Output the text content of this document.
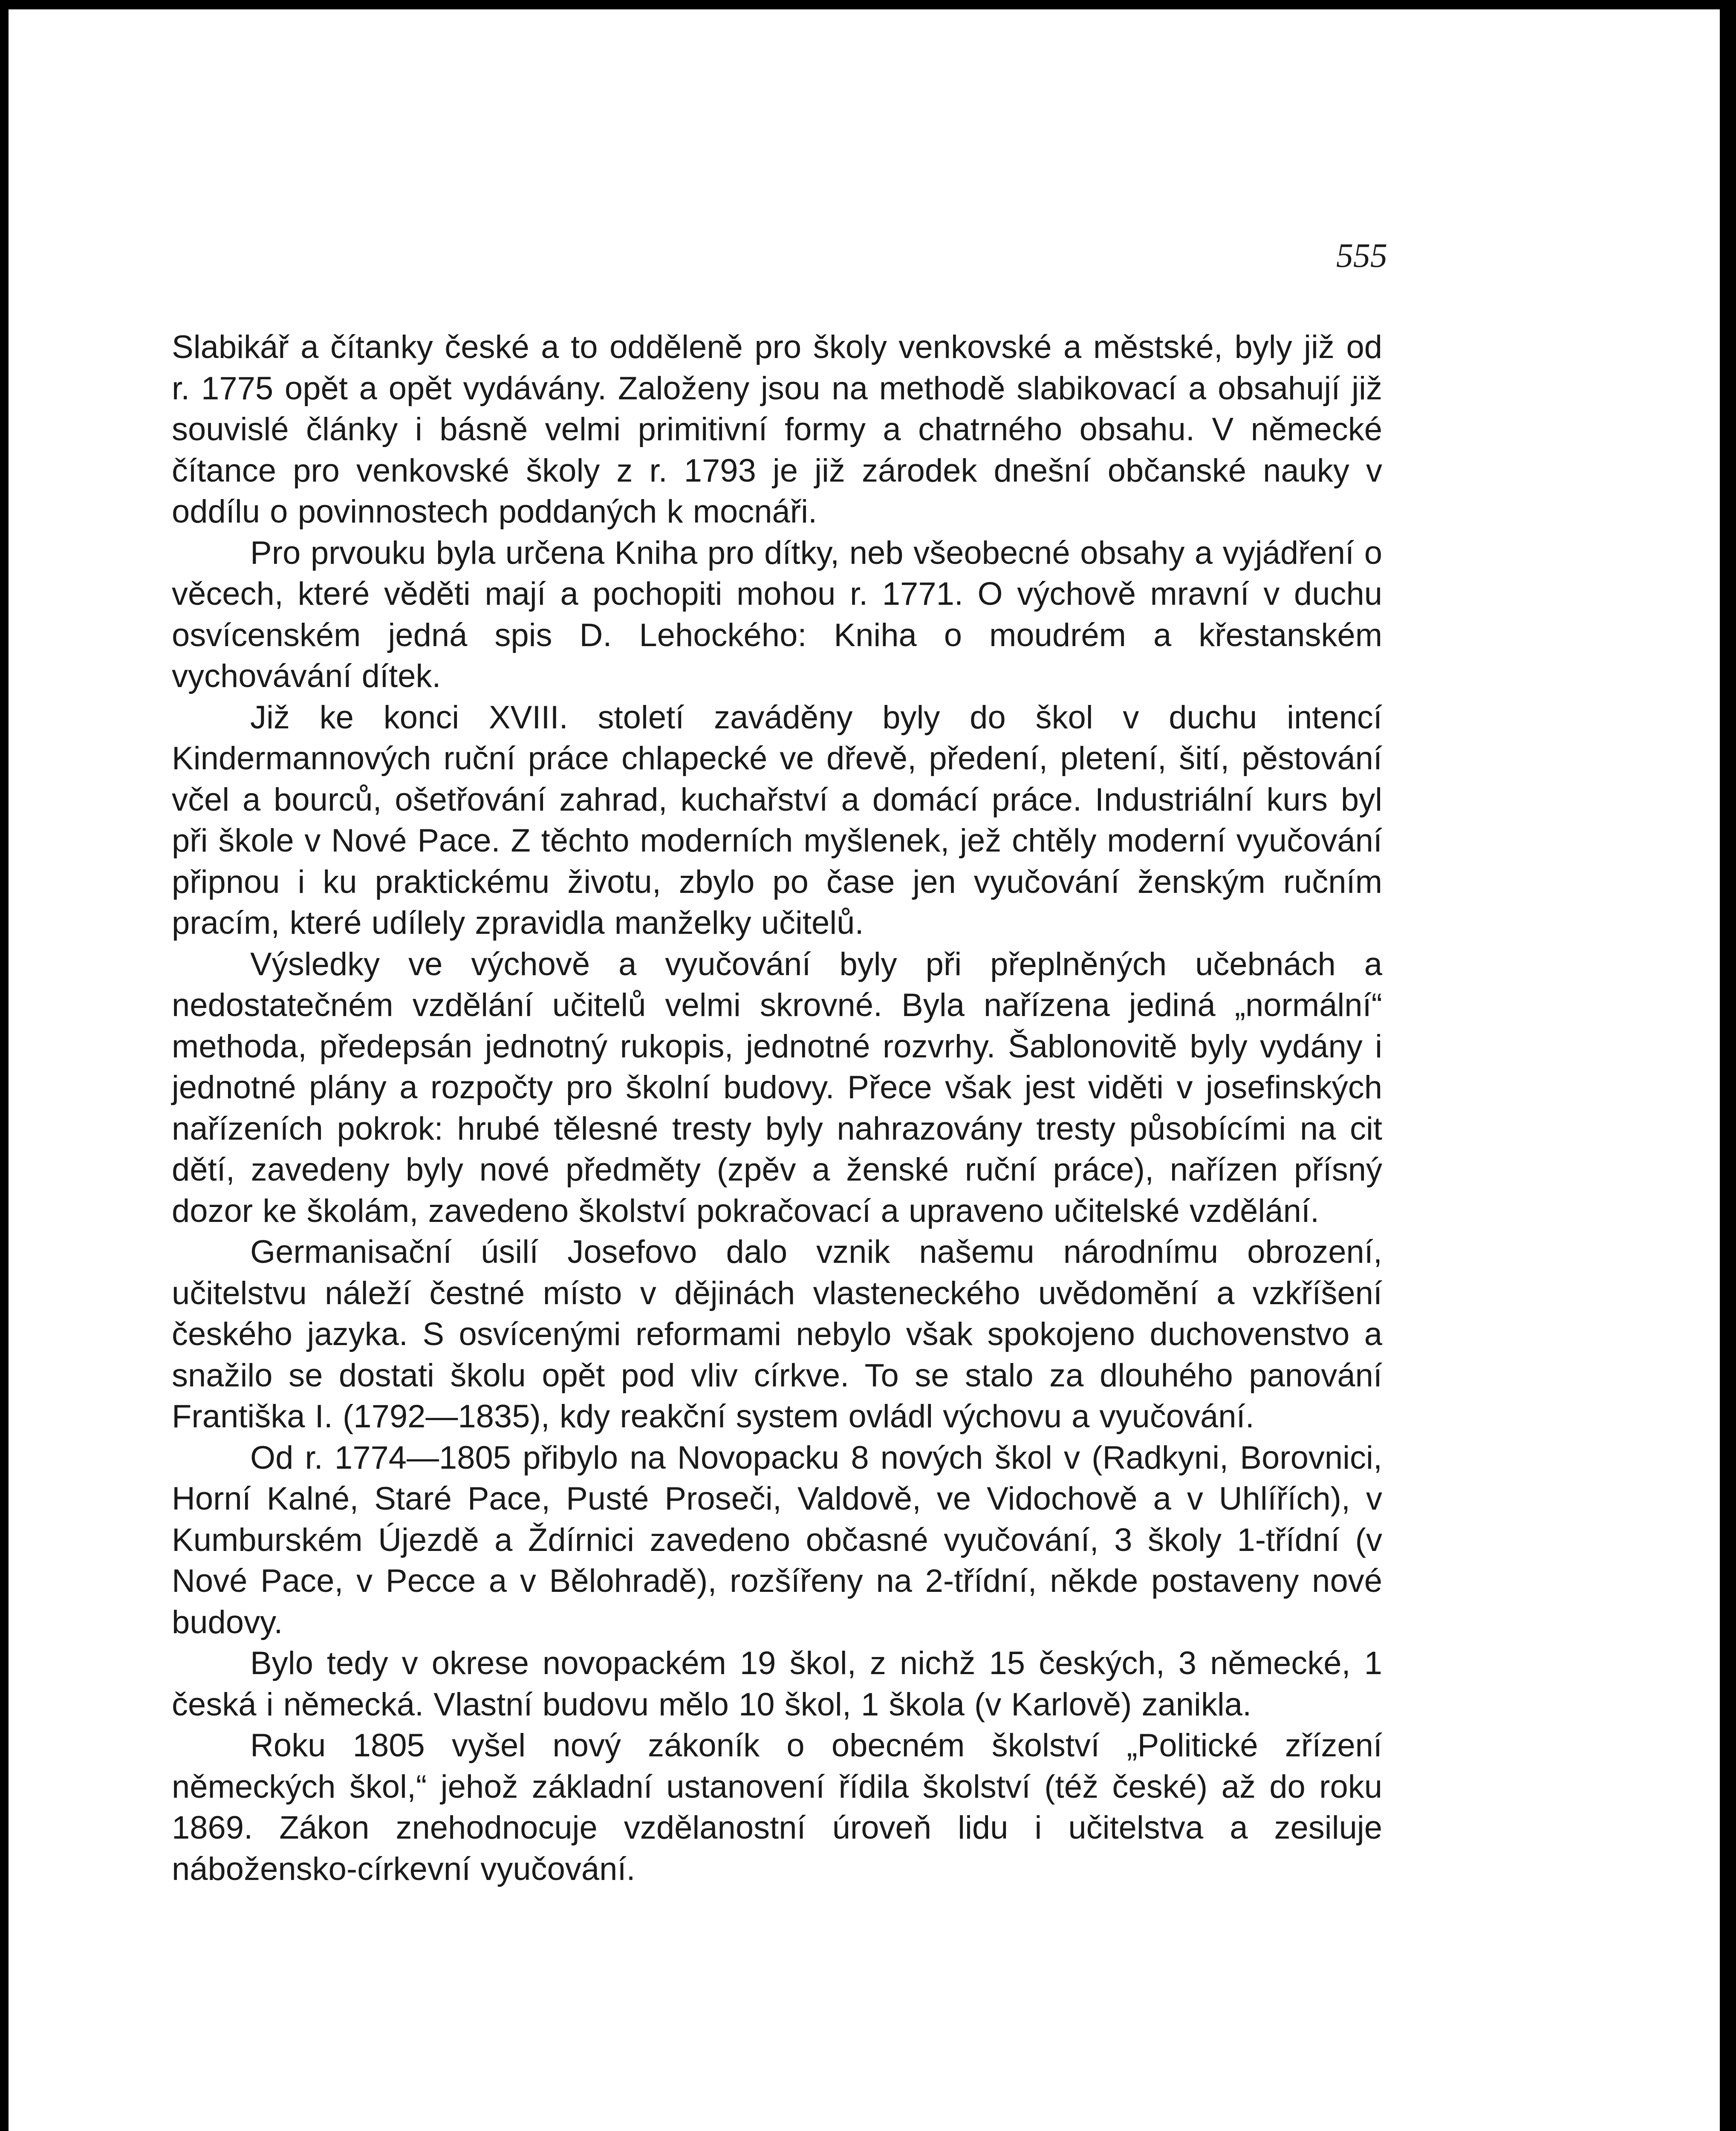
555

Slabikář a čítanky české a to odděleně pro školy venkovské a městské, byly již od r. 1775 opět a opět vydávány. Založeny jsou na methodě slabikovací a obsahují již souvislé články i básně velmi primitivní formy a chatrného obsahu. V německé čítance pro venkovské školy z r. 1793 je již zárodek dnešní občanské nauky v oddílu o povinnostech poddaných k mocnáři.

Pro prvouku byla určena Kniha pro dítky, neb všeobecné obsahy a vyjádření o věcech, které věděti mají a pochopiti mohou r. 1771. O výchově mravní v duchu osvícenském jedná spis D. Lehockého: Kniha o moudrém a křestanském vychovávání dítek.

Již ke konci XVIII. století zaváděny byly do škol v duchu intencí Kindermannových ruční práce chlapecké ve dřevě, předení, pletení, šití, pěstování včel a bourců, ošetřování zahrad, kuchařství a domácí práce. Industriální kurs byl při škole v Nové Pace. Z těchto moderních myšlenek, jež chtěly moderní vyučování připnou i ku praktickému životu, zbylo po čase jen vyučování ženským ručním pracím, které udílely zpravidla manželky učitelů.

Výsledky ve výchově a vyučování byly při přeplněných učebnách a nedostatečném vzdělání učitelů velmi skrovné. Byla nařízena jediná „normální“ methoda, předepsán jednotný rukopis, jednotné rozvrhy. Šablonovitě byly vydány i jednotné plány a rozpočty pro školní budovy. Přece však jest viděti v josefinských nařízeních pokrok: hrubé tělesné tresty byly nahrazovány tresty působícími na cit dětí, zavedeny byly nové předměty (zpěv a ženské ruční práce), nařízen přísný dozor ke školám, zavedeno školství pokračovací a upraveno učitelské vzdělání.

Germanisační úsilí Josefovo dalo vznik našemu národnímu obrození, učitelstvu náleží čestné místo v dějinách vlasteneckého uvědomění a vzkříšení českého jazyka. S osvícenými reformami nebylo však spokojeno duchovenstvo a snažilo se dostati školu opět pod vliv církve. To se stalo za dlouhého panování Františka I. (1792—1835), kdy reakční system ovládl výchovu a vyučování.

Od r. 1774—1805 přibylo na Novopacku 8 nových škol v (Radkyni, Borovnici, Horní Kalné, Staré Pace, Pusté Proseči, Valdově, ve Vidochově a v Uhlířích), v Kumburském Újezdě a Ždírnici zavedeno občasné vyučování, 3 školy 1-třídní (v Nové Pace, v Pecce a v Bělohradě), rozšířeny na 2-třídní, někde postaveny nové budovy.

Bylo tedy v okrese novopackém 19 škol, z nichž 15 českých, 3 německé, 1 česká i německá. Vlastní budovu mělo 10 škol, 1 škola (v Karlově) zanikla.

Roku 1805 vyšel nový zákoník o obecném školství „Politické zřízení německých škol,“ jehož základní ustanovení řídila školství (též české) až do roku 1869. Zákon znehodnocuje vzdělanostní úroveň lidu i učitelstva a zesiluje nábožensko-církevní vyučování.
